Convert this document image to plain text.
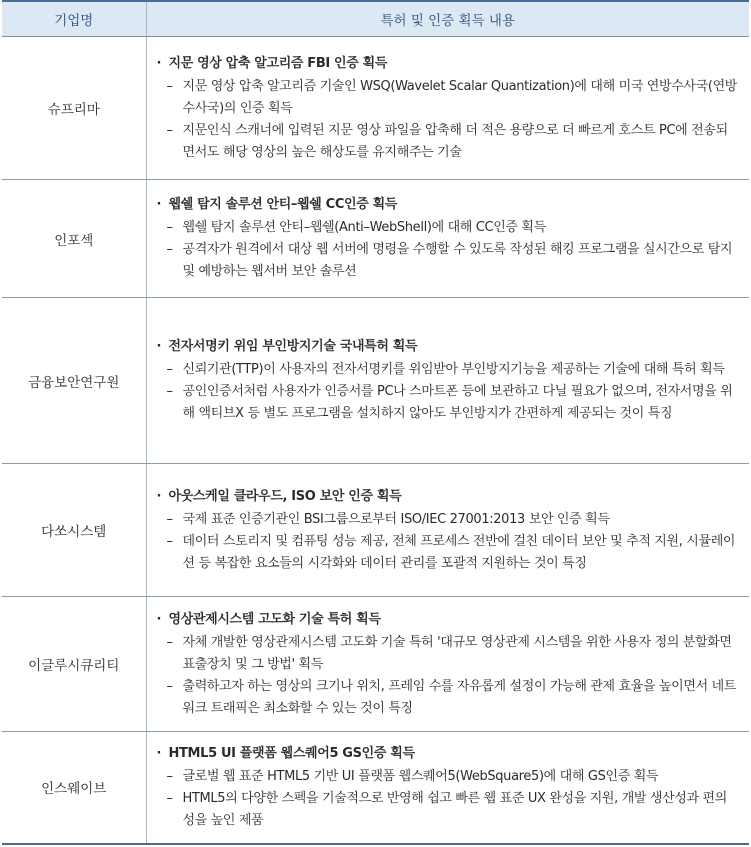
기업명	특허 및 인증 획득 내용
슈프리마	· 지문 영상 압축 알고리즘 FBI 인증 획득
– 지문 영상 압축 알고리즘 기술인 WSQ(Wavelet Scalar Quantization)에 대해 미국 연방수사국(연방수사국)의 인증 획득
– 지문인식 스캐너에 입력된 지문 영상 파일을 압축해 더 적은 용량으로 더 빠르게 호스트 PC에 전송되면서도 해당 영상의 높은 해상도를 유지해주는 기술

인포섹	· 웹쉘 탐지 솔루션 안티–웹쉘 CC인증 획득
– 웹쉘 탐지 솔루션 안티–웹쉘(Anti–WebShell)에 대해 CC인증 획득
– 공격자가 원격에서 대상 웹 서버에 명령을 수행할 수 있도록 작성된 해킹 프로그램을 실시간으로 탐지 및 예방하는 웹서버 보안 솔루션

금융보안연구원	· 전자서명키 위임 부인방지기술 국내특허 획득
– 신뢰기관(TTP)이 사용자의 전자서명키를 위임받아 부인방지기능을 제공하는 기술에 대해 특허 획득
– 공인인증서처럼 사용자가 인증서를 PC나 스마트폰 등에 보관하고 다닐 필요가 없으며, 전자서명을 위해 액티브X 등 별도 프로그램을 설치하지 않아도 부인방지가 간편하게 제공되는 것이 특징

다쏘시스템	· 아웃스케일 클라우드, ISO 보안 인증 획득
– 국제 표준 인증기관인 BSI그룹으로부터 ISO/IEC 27001:2013 보안 인증 획득
– 데이터 스토리지 및 컴퓨팅 성능 제공, 전체 프로세스 전반에 걸친 데이터 보안 및 추적 지원, 시뮬레이션 등 복잡한 요소들의 시각화와 데이터 관리를 포괄적 지원하는 것이 특징

이글루시큐리티	· 영상관제시스템 고도화 기술 특허 획득
– 자체 개발한 영상관제시스템 고도화 기술 특허 '대규모 영상관제 시스템을 위한 사용자 정의 분할화면 표출장치 및 그 방법' 획득
– 출력하고자 하는 영상의 크기나 위치, 프레임 수를 자유롭게 설정이 가능해 관제 효율을 높이면서 네트워크 트래픽은 최소화할 수 있는 것이 특징

인스웨이브	· HTML5 UI 플랫폼 웹스퀘어5 GS인증 획득
– 글로벌 웹 표준 HTML5 기반 UI 플랫폼 웹스퀘어5(WebSquare5)에 대해 GS인증 획득
– HTML5의 다양한 스펙을 기술적으로 반영해 쉽고 빠른 웹 표준 UX 완성을 지원, 개발 생산성과 편의성을 높인 제품
